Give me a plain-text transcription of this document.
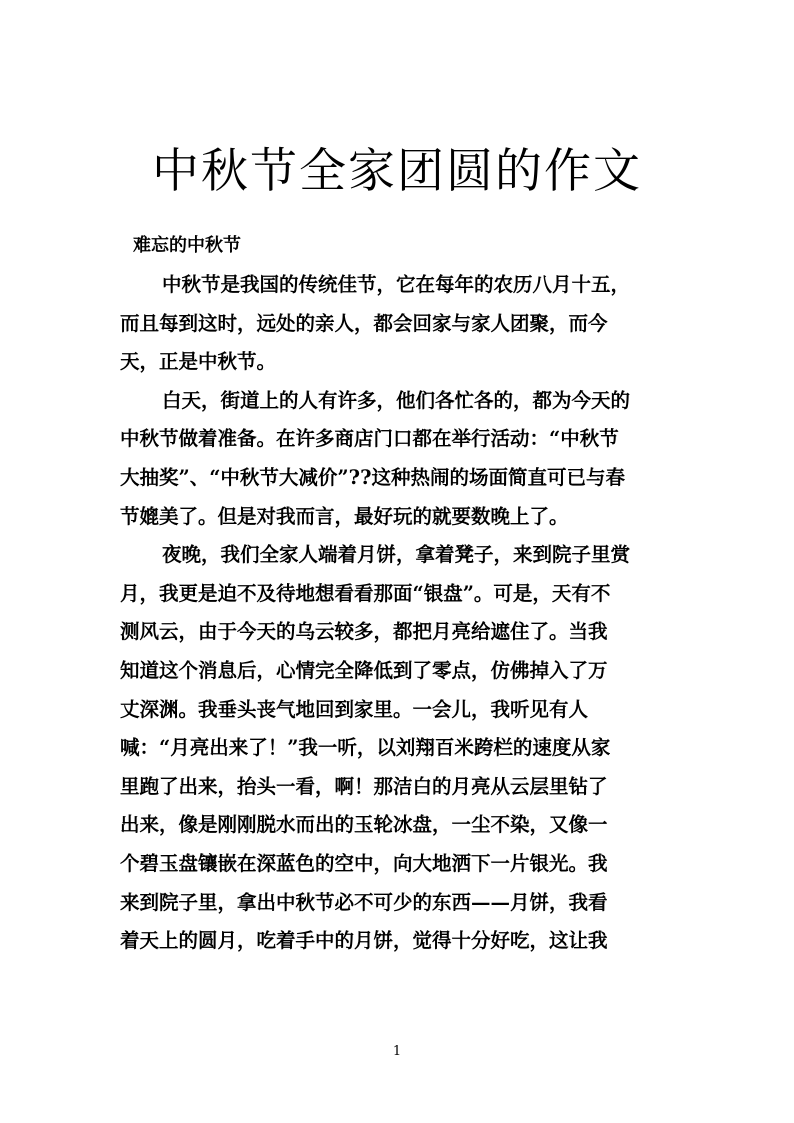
中秋节全家团圆的作文

难忘的中秋节

中秋节是我国的传统佳节，它在每年的农历八月十五，
而且每到这时，远处的亲人，都会回家与家人团聚，而今
天，正是中秋节。
白天，街道上的人有许多，他们各忙各的，都为今天的
中秋节做着准备。在许多商店门口都在举行活动：“中秋节
大抽奖”、“中秋节大减价”??这种热闹的场面简直可已与春
节媲美了。但是对我而言，最好玩的就要数晚上了。
夜晚，我们全家人端着月饼，拿着凳子，来到院子里赏
月，我更是迫不及待地想看看那面“银盘”。可是，天有不
测风云，由于今天的乌云较多，都把月亮给遮住了。当我
知道这个消息后，心情完全降低到了零点，仿佛掉入了万
丈深渊。我垂头丧气地回到家里。一会儿，我听见有人
喊：“月亮出来了！”我一听，以刘翔百米跨栏的速度从家
里跑了出来，抬头一看，啊！那洁白的月亮从云层里钻了
出来，像是刚刚脱水而出的玉轮冰盘，一尘不染，又像一
个碧玉盘镶嵌在深蓝色的空中，向大地洒下一片银光。我
来到院子里，拿出中秋节必不可少的东西——月饼，我看
着天上的圆月，吃着手中的月饼，觉得十分好吃，这让我
1
